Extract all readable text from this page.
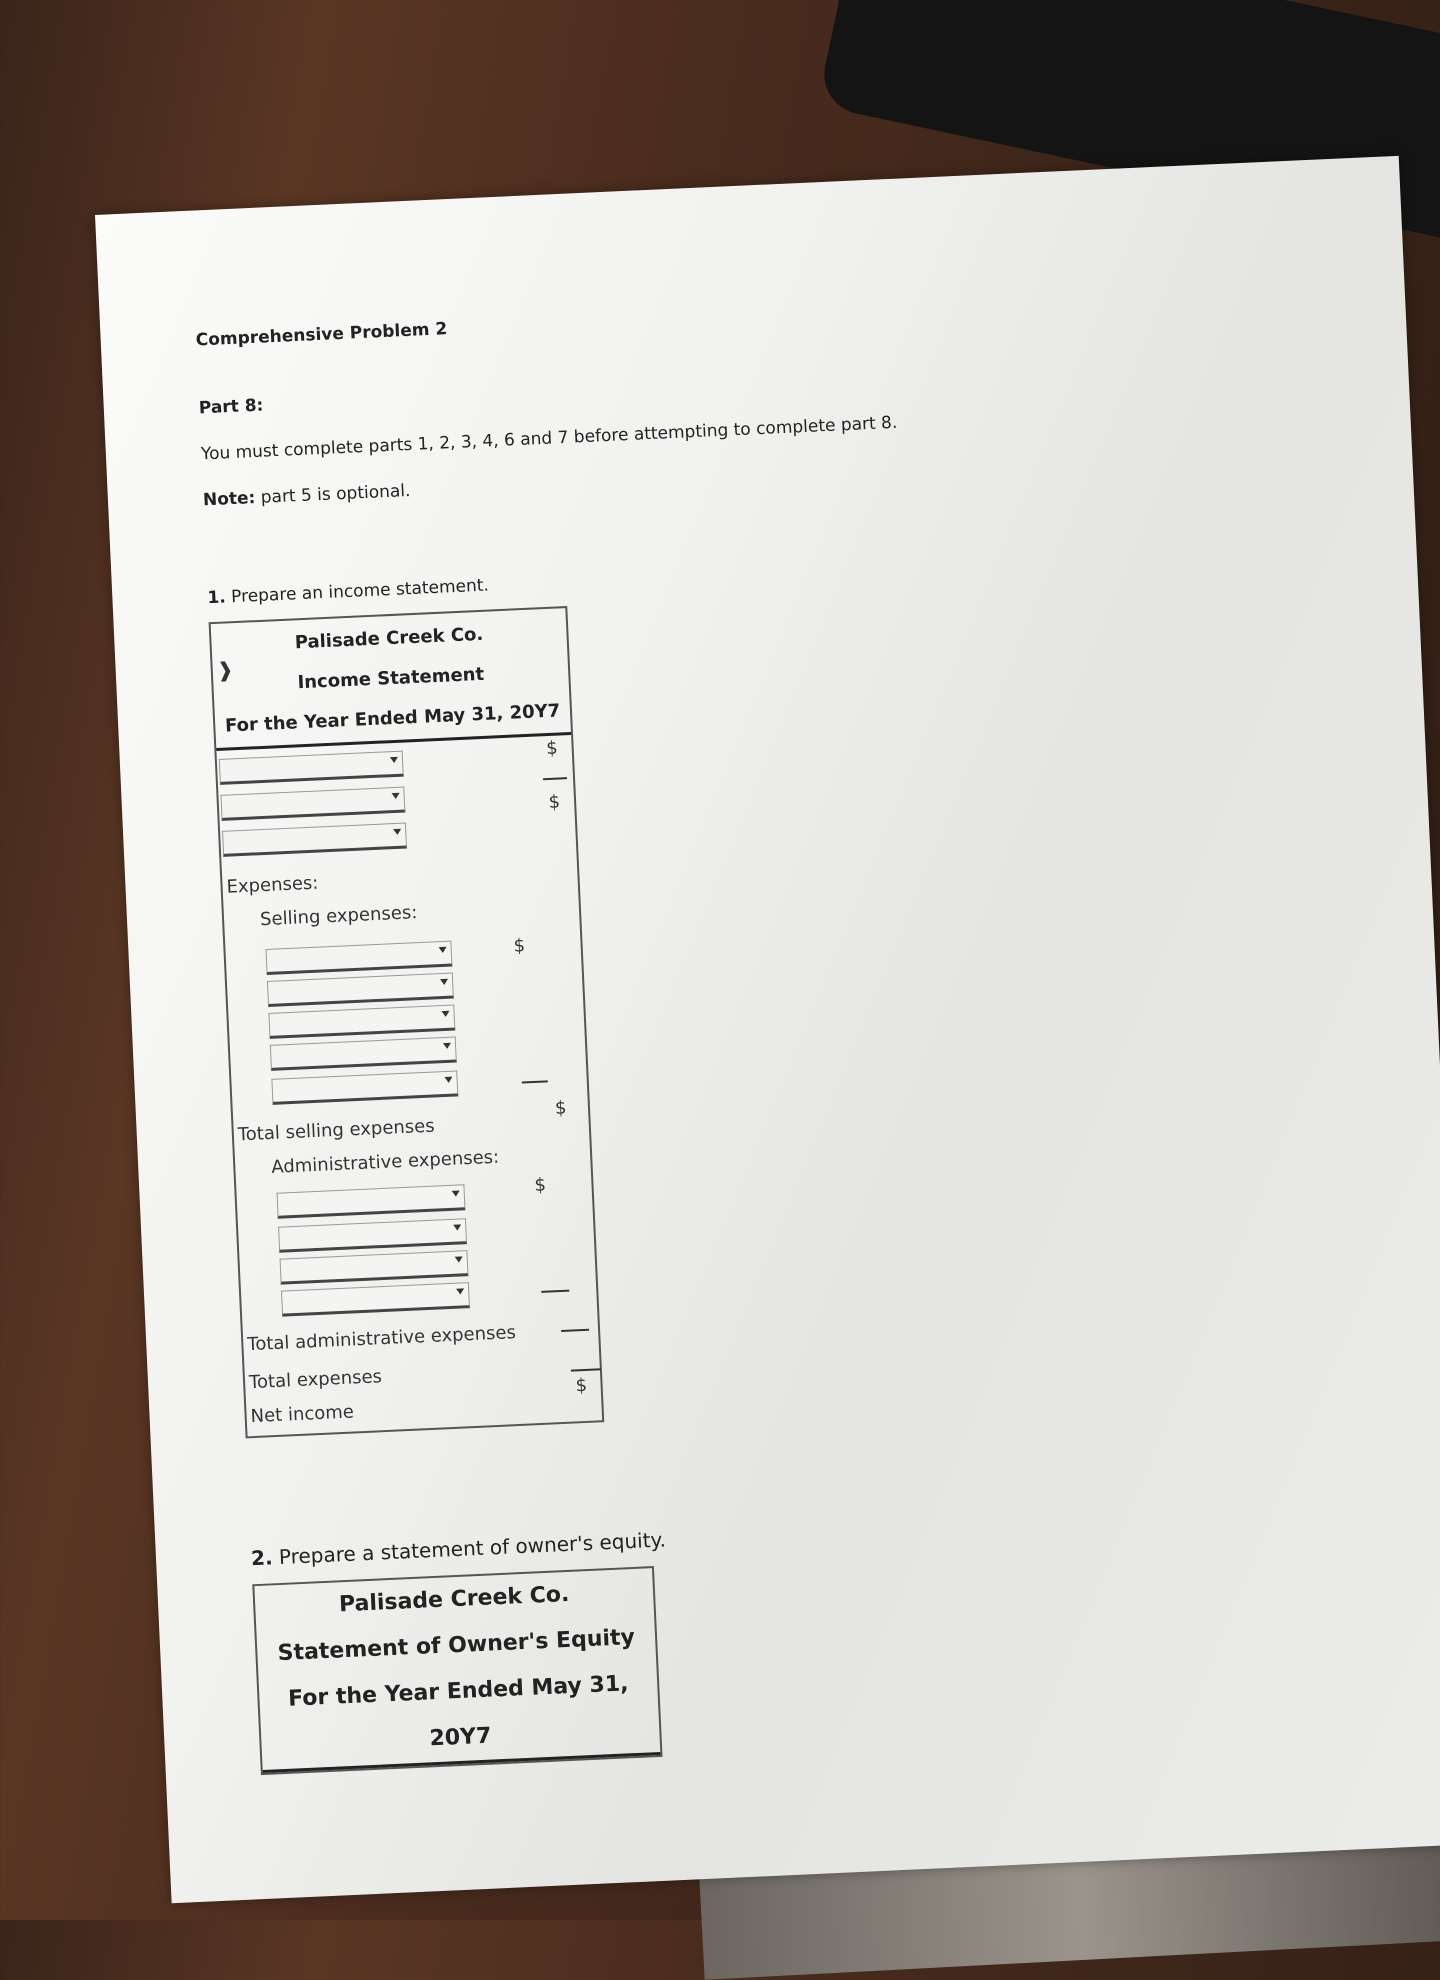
Comprehensive Problem 2
Part 8:
You must complete parts 1, 2, 3, 4, 6 and 7 before attempting to complete part 8.
Note: part 5 is optional.
1. Prepare an income statement.
❱
Palisade Creek Co.
Income Statement
For the Year Ended May 31, 20Y7
$
$
Expenses:
Selling expenses:
$
Total selling expenses
$
Administrative expenses:
$
Total administrative expenses
Total expenses
Net income
$
2. Prepare a statement of owner's equity.
Palisade Creek Co.
Statement of Owner's Equity
For the Year Ended May 31, 20Y7
